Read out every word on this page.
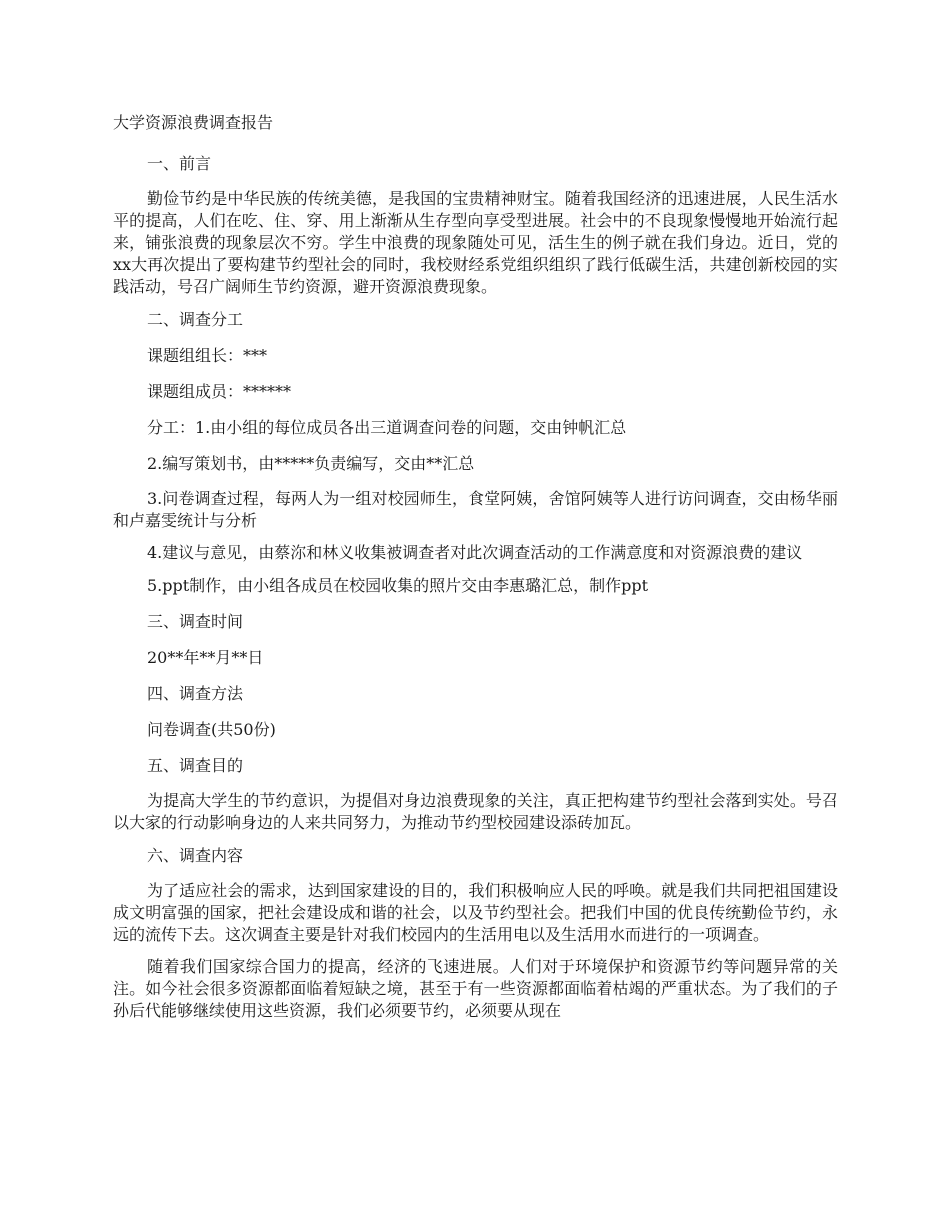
大学资源浪费调查报告
一、前言
勤俭节约是中华民族的传统美德，是我国的宝贵精神财宝。随着我国经济的迅速进展，人民生活水平的提高，人们在吃、住、穿、用上渐渐从生存型向享受型进展。社会中的不良现象慢慢地开始流行起来，铺张浪费的现象层次不穷。学生中浪费的现象随处可见，活生生的例子就在我们身边。近日，党的xx大再次提出了要构建节约型社会的同时，我校财经系党组织组织了践行低碳生活，共建创新校园的实践活动，号召广阔师生节约资源，避开资源浪费现象。
二、调查分工
课题组组长：***
课题组成员：******
分工：1.由小组的每位成员各出三道调查问卷的问题，交由钟帆汇总
2.编写策划书，由*****负责编写，交由**汇总
3.问卷调查过程，每两人为一组对校园师生，食堂阿姨，舍馆阿姨等人进行访问调查，交由杨华丽和卢嘉雯统计与分析
4.建议与意见，由蔡沵和林义收集被调查者对此次调查活动的工作满意度和对资源浪费的建议
5.ppt制作，由小组各成员在校园收集的照片交由李惠璐汇总，制作ppt
三、调查时间
20**年**月**日
四、调查方法
问卷调查(共50份)
五、调查目的
为提高大学生的节约意识，为提倡对身边浪费现象的关注，真正把构建节约型社会落到实处。号召以大家的行动影响身边的人来共同努力，为推动节约型校园建设添砖加瓦。
六、调查内容
为了适应社会的需求，达到国家建设的目的，我们积极响应人民的呼唤。就是我们共同把祖国建设成文明富强的国家，把社会建设成和谐的社会，以及节约型社会。把我们中国的优良传统勤俭节约，永远的流传下去。这次调查主要是针对我们校园内的生活用电以及生活用水而进行的一项调查。
随着我们国家综合国力的提高，经济的飞速进展。人们对于环境保护和资源节约等问题异常的关注。如今社会很多资源都面临着短缺之境，甚至于有一些资源都面临着枯竭的严重状态。为了我们的子孙后代能够继续使用这些资源，我们必须要节约，必须要从现在
